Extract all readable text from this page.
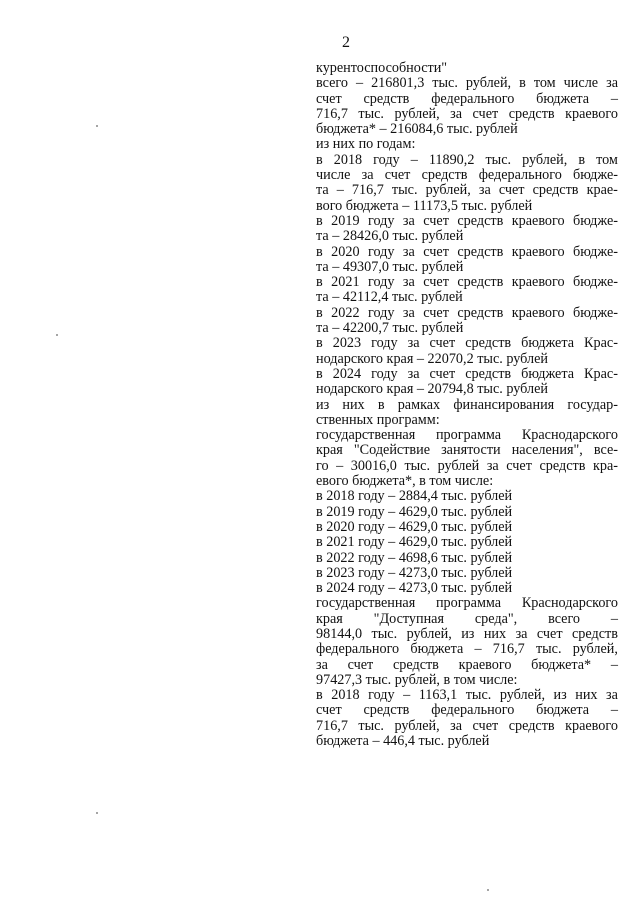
2
курентоспособности"
всего – 216801,3 тыс. рублей, в том числе за
счет средств федерального бюджета –
716,7 тыс. рублей, за счет средств краевого
бюджета* – 216084,6 тыс. рублей
из них по годам:
в 2018 году – 11890,2 тыс. рублей, в том
числе за счет средств федерального бюдже-
та – 716,7 тыс. рублей, за счет средств крае-
вого бюджета – 11173,5 тыс. рублей
в 2019 году за счет средств краевого бюдже-
та – 28426,0 тыс. рублей
в 2020 году за счет средств краевого бюдже-
та – 49307,0 тыс. рублей
в 2021 году за счет средств краевого бюдже-
та – 42112,4 тыс. рублей
в 2022 году за счет средств краевого бюдже-
та – 42200,7 тыс. рублей
в 2023 году за счет средств бюджета Крас-
нодарского края – 22070,2 тыс. рублей
в 2024 году за счет средств бюджета Крас-
нодарского края – 20794,8 тыс. рублей
из них в рамках финансирования государ-
ственных программ:
государственная программа Краснодарского
края "Содействие занятости населения", все-
го – 30016,0 тыс. рублей за счет средств кра-
евого бюджета*, в том числе:
в 2018 году – 2884,4 тыс. рублей
в 2019 году – 4629,0 тыс. рублей
в 2020 году – 4629,0 тыс. рублей
в 2021 году – 4629,0 тыс. рублей
в 2022 году – 4698,6 тыс. рублей
в 2023 году – 4273,0 тыс. рублей
в 2024 году – 4273,0 тыс. рублей
государственная программа Краснодарского
края "Доступная среда", всего –
98144,0 тыс. рублей, из них за счет средств
федерального бюджета – 716,7 тыс. рублей,
за счет средств краевого бюджета* –
97427,3 тыс. рублей, в том числе:
в 2018 году – 1163,1 тыс. рублей, из них за
счет средств федерального бюджета –
716,7 тыс. рублей, за счет средств краевого
бюджета – 446,4 тыс. рублей
